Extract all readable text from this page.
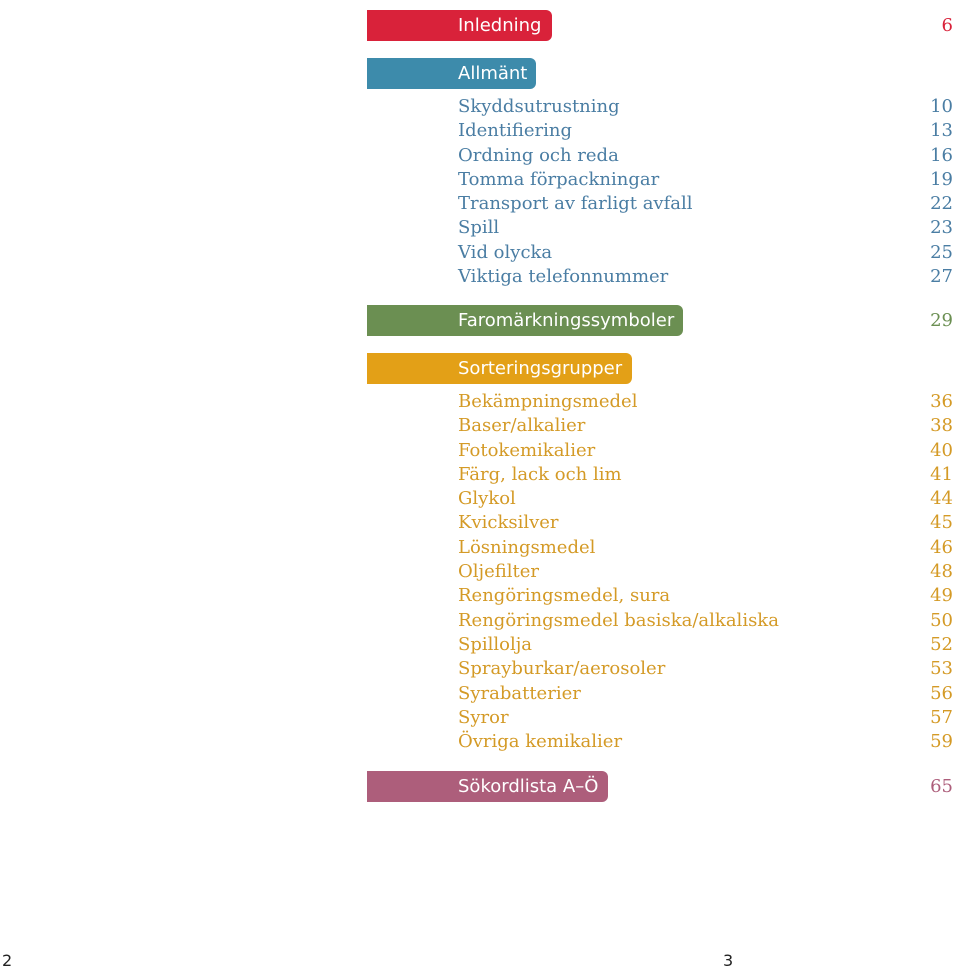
Inledning	6
Allmänt
Skyddsutrustning	10
Identifiering	13
Ordning och reda	16
Tomma förpackningar	19
Transport av farligt avfall	22
Spill	23
Vid olycka	25
Viktiga telefonnummer	27
Faromärkningssymboler	29
Sorteringsgrupper
Bekämpningsmedel	36
Baser/alkalier	38
Fotokemikalier	40
Färg, lack och lim	41
Glykol	44
Kvicksilver	45
Lösningsmedel	46
Oljefilter	48
Rengöringsmedel, sura	49
Rengöringsmedel basiska/alkaliska	50
Spillolja	52
Sprayburkar/aerosoler	53
Syrabatterier	56
Syror	57
Övriga kemikalier	59
Sökordlista A–Ö	65
2	3
